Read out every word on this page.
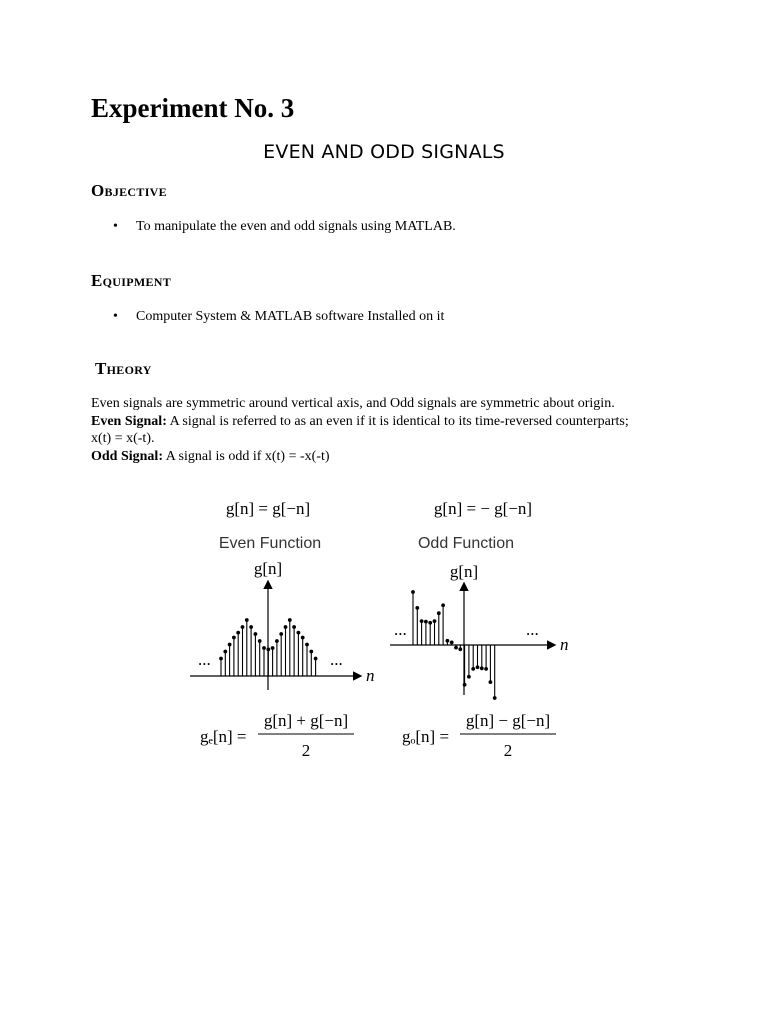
Experiment No. 3
EVEN AND ODD SIGNALS
Objective
• To manipulate the even and odd signals using MATLAB.
Equipment
• Computer System & MATLAB software Installed on it
Theory

Even signals are symmetric around vertical axis, and Odd signals are symmetric about origin.

Even Signal: A signal is referred to as an even if it is identical to its time-reversed counterparts;

x(t) = x(-t).

Odd Signal: A signal is odd if x(t) = -x(-t)

g[n] = g[−n]
Even Function
g[n]
n
...	...
gₑ[n] =
g[n] + g[−n]
2
g[n] = − g[−n]
Odd Function
g[n]
n
...	...
gₒ[n] =
g[n] − g[−n]
2
